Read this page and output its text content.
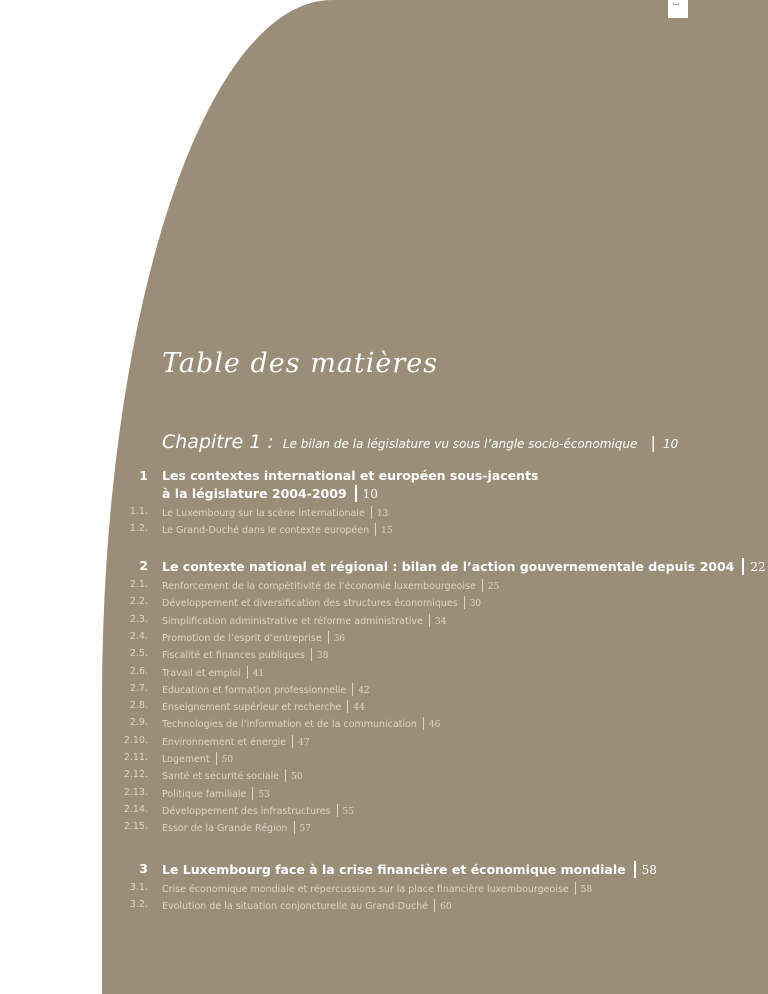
1
Table des matières
Chapitre 1 : Le bilan de la législature vu sous l’angle socio-économique | 10
1 Les contextes international et européen sous-jacents
à la législature 2004-2009 10
1.1. Le Luxembourg sur la scène internationale 13
1.2. Le Grand-Duché dans le contexte européen 15
2 Le contexte national et régional : bilan de l’action gouvernementale depuis 2004 22
2.1. Renforcement de la compétitivité de l’économie luxembourgeoise 25
2.2. Développement et diversification des structures économiques 30
2.3. Simplification administrative et réforme administrative 34
2.4. Promotion de l’esprit d’entreprise 36
2.5. Fiscalité et finances publiques 38
2.6. Travail et emploi 41
2.7. Education et formation professionnelle 42
2.8. Enseignement supérieur et recherche 44
2.9. Technologies de l’information et de la communication 46
2.10. Environnement et énergie 47
2.11. Logement 50
2.12. Santé et sécurité sociale 50
2.13. Politique familiale 53
2.14. Développement des infrastructures 55
2.15. Essor de la Grande Région 57
3 Le Luxembourg face à la crise financière et économique mondiale 58
3.1. Crise économique mondiale et répercussions sur la place financière luxembourgeoise 58
3.2. Evolution de la situation conjoncturelle au Grand-Duché 60
